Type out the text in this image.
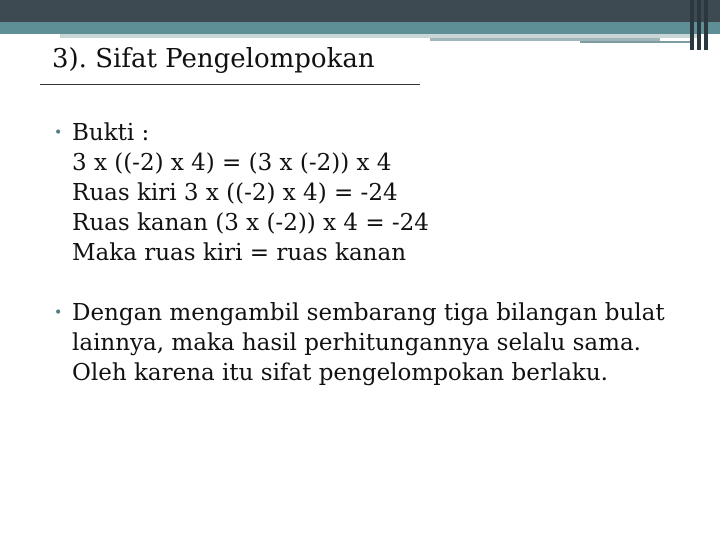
3). Sifat Pengelompokan
• Bukti :
3 x ((-2) x 4) = (3 x (-2)) x 4
Ruas kiri 3 x ((-2) x 4) = -24
Ruas kanan (3 x (-2)) x 4 = -24
Maka ruas kiri = ruas kanan
• Dengan mengambil sembarang tiga bilangan bulat lainnya, maka hasil perhitungannya selalu sama. Oleh karena itu sifat pengelompokan berlaku.
